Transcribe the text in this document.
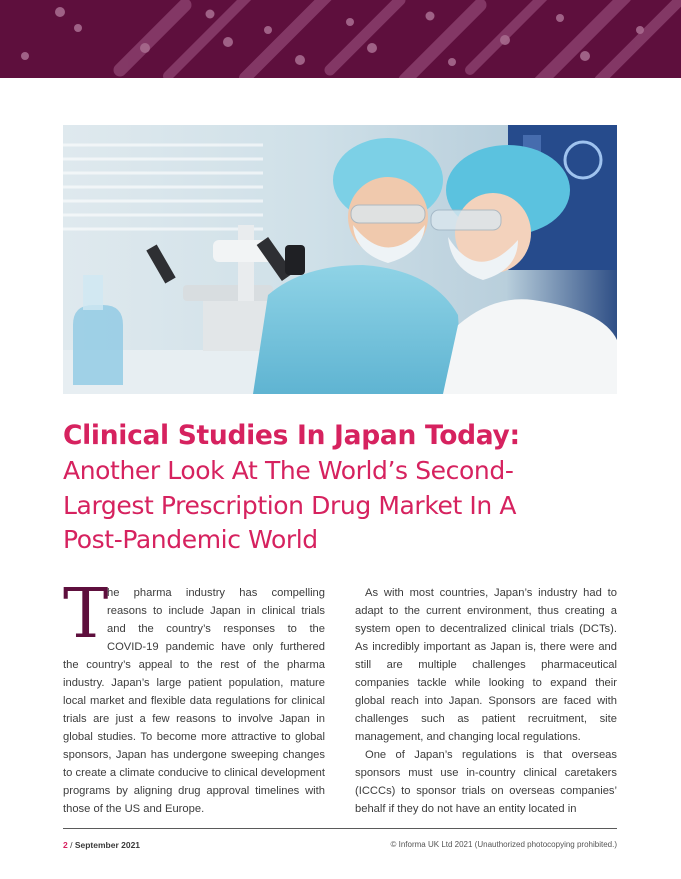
Clinical Studies In Japan Today:

Another Look At The World’s Second-

Largest Prescription Drug Market In A

Post-Pandemic World

T
he pharma industry has compelling
reasons to include Japan in clinical trials
and the country’s responses to the
COVID-19 pandemic have only furthered

the country’s appeal to the rest of the pharma industry. Japan’s large patient population, mature local market and flexible data regulations for clinical trials are just a few reasons to involve Japan in global studies. To become more attractive to global sponsors, Japan has undergone sweeping changes to create a climate conducive to clinical development programs by aligning drug approval timelines with those of the US and Europe.

As with most countries, Japan’s industry had to adapt to the current environment, thus creating a system open to decentralized clinical trials (DCTs). As incredibly important as Japan is, there were and still are multiple challenges pharmaceutical companies tackle while looking to expand their global reach into Japan. Sponsors are faced with challenges such as patient recruitment, site management, and changing local regulations.

One of Japan’s regulations is that overseas sponsors must use in-country clinical caretakers (ICCCs) to sponsor trials on overseas companies’ behalf if they do not have an entity located in

2 / September 2021	© Informa UK Ltd 2021 (Unauthorized photocopying prohibited.)
